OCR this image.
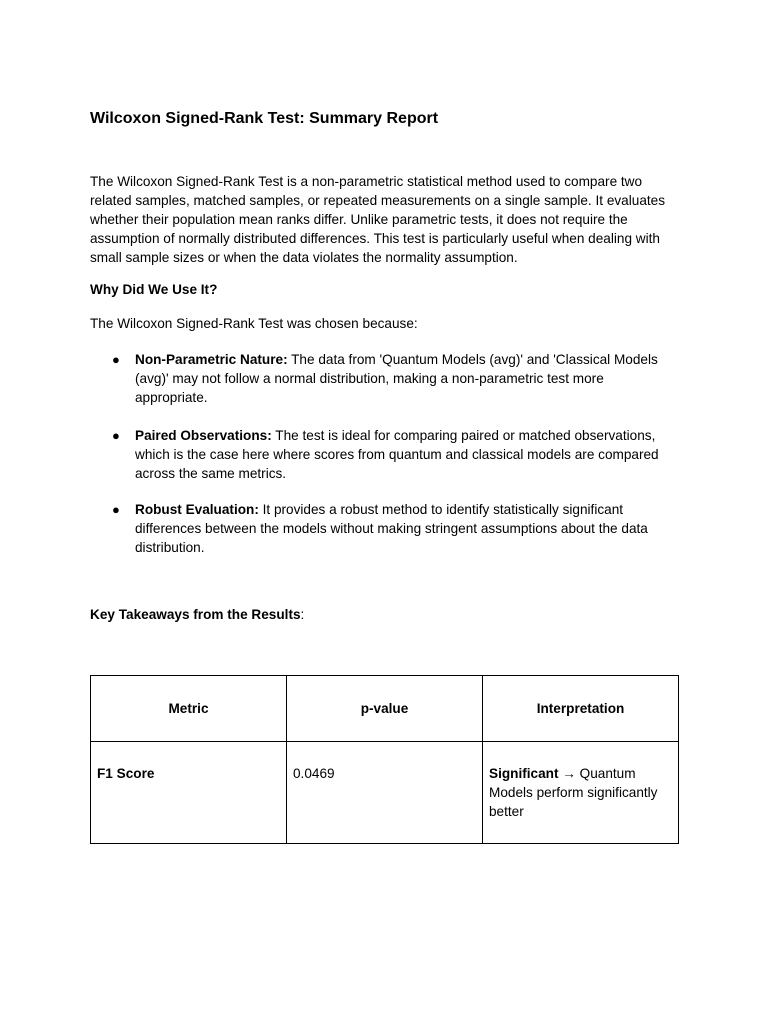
Wilcoxon Signed-Rank Test: Summary Report

The Wilcoxon Signed-Rank Test is a non-parametric statistical method used to compare two related samples, matched samples, or repeated measurements on a single sample. It evaluates whether their population mean ranks differ. Unlike parametric tests, it does not require the assumption of normally distributed differences. This test is particularly useful when dealing with small sample sizes or when the data violates the normality assumption.

Why Did We Use It?

The Wilcoxon Signed-Rank Test was chosen because:

● Non-Parametric Nature: The data from 'Quantum Models (avg)' and 'Classical Models (avg)' may not follow a normal distribution, making a non-parametric test more appropriate.

● Paired Observations: The test is ideal for comparing paired or matched observations, which is the case here where scores from quantum and classical models are compared across the same metrics.

● Robust Evaluation: It provides a robust method to identify statistically significant differences between the models without making stringent assumptions about the data distribution.

Key Takeaways from the Results:

Metric	p-value	Interpretation
F1 Score	0.0469	Significant → Quantum Models perform significantly better
